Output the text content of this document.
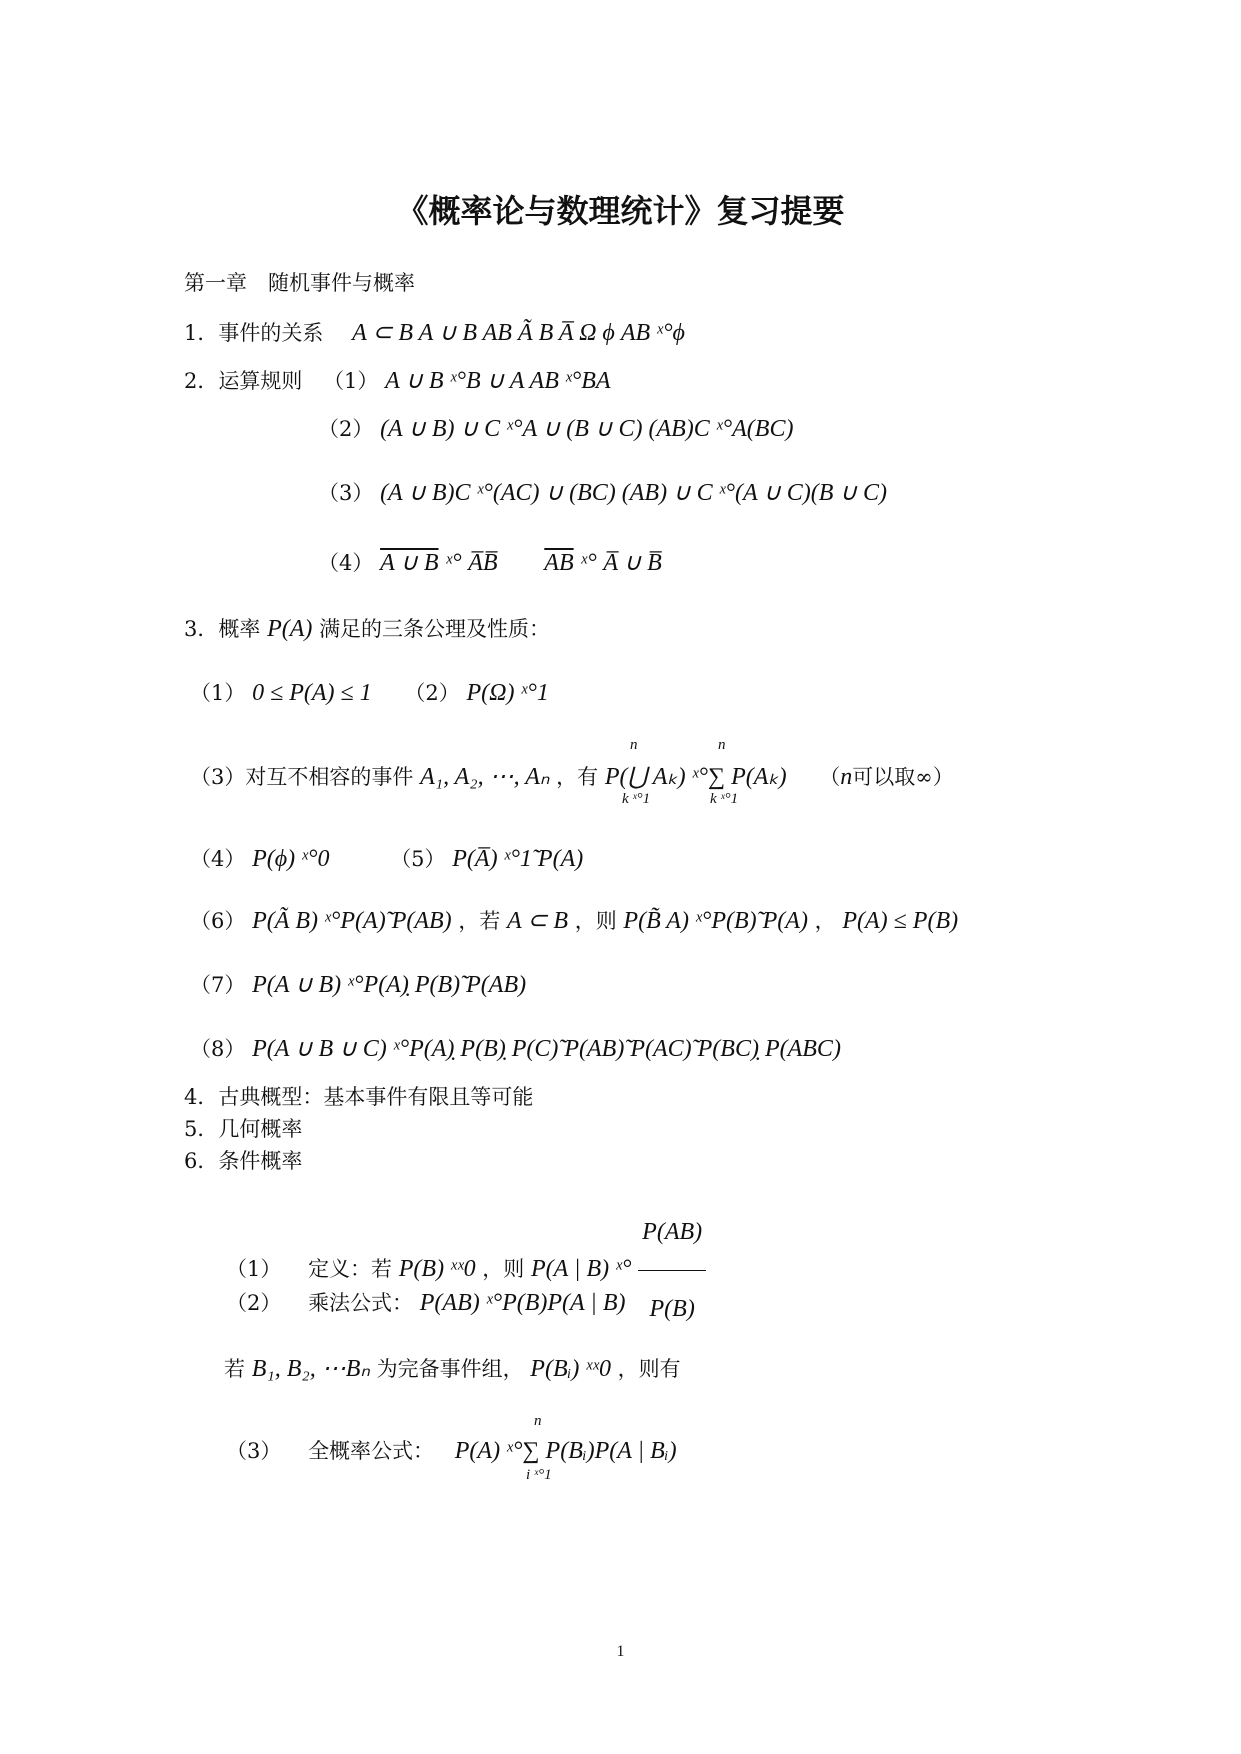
《概率论与数理统计》复习提要
第一章　随机事件与概率
1．事件的关系 A ⊂ B A ∪ B AB Ã B A̅ Ω ϕ AB ˣ°ϕ
2．运算规则 （1） A ∪ B ˣ°B ∪ A AB ˣ°BA
（2） (A ∪ B) ∪ C ˣ°A ∪ (B ∪ C) (AB)C ˣ°A(BC)
（3） (A ∪ B)C ˣ°(AC) ∪ (BC) (AB) ∪ C ˣ°(A ∪ C)(B ∪ C)
（4） A ∪ B ˣ° A̅B̅ $\overline{AB}$ ˣ° A̅ ∪ B̅
3．概率 P(A) 满足的三条公理及性质：
（1） 0 ≤ P(A) ≤ 1 （2） P(Ω) ˣ°1
（3）对互不相容的事件 A₁, A₂, ⋯, Aₙ ，有 P(⋃ Aₖ) ˣ°∑ P(Aₖ) （n可以取∞）
n
k ˣ°1
n
k ˣ°1
（4） P(ϕ) ˣ°0	（5） P(A̅) ˣ°1̃ P(A)
（6） P(Ã B) ˣ°P(A)̃ P(AB) ，若 A ⊂ B ，则 P(B̃ A) ˣ°P(B)̃ P(A) ， P(A) ≤ P(B)
（7） P(A ∪ B) ˣ°P(A)̣ P(B)̃ P(AB)
（8） P(A ∪ B ∪ C) ˣ°P(A)̣ P(B)̣ P(C)̃ P(AB)̃ P(AC)̃ P(BC)̣ P(ABC)
4．古典概型：基本事件有限且等可能
5．几何概率
6．条件概率
（1） 定义：若 P(B) ˣˣ0 ，则 P(A | B) ˣ° $\frac{P(AB)}{P(B)}$
（2） 乘法公式： P(AB) ˣ°P(B)P(A | B)
若 B₁, B₂, ⋯Bₙ 为完备事件组， P(Bᵢ) ˣˣ0 ，则有
（3） 全概率公式： P(A) ˣ°∑ P(Bᵢ)P(A | Bᵢ)
n
i ˣ°1
1
